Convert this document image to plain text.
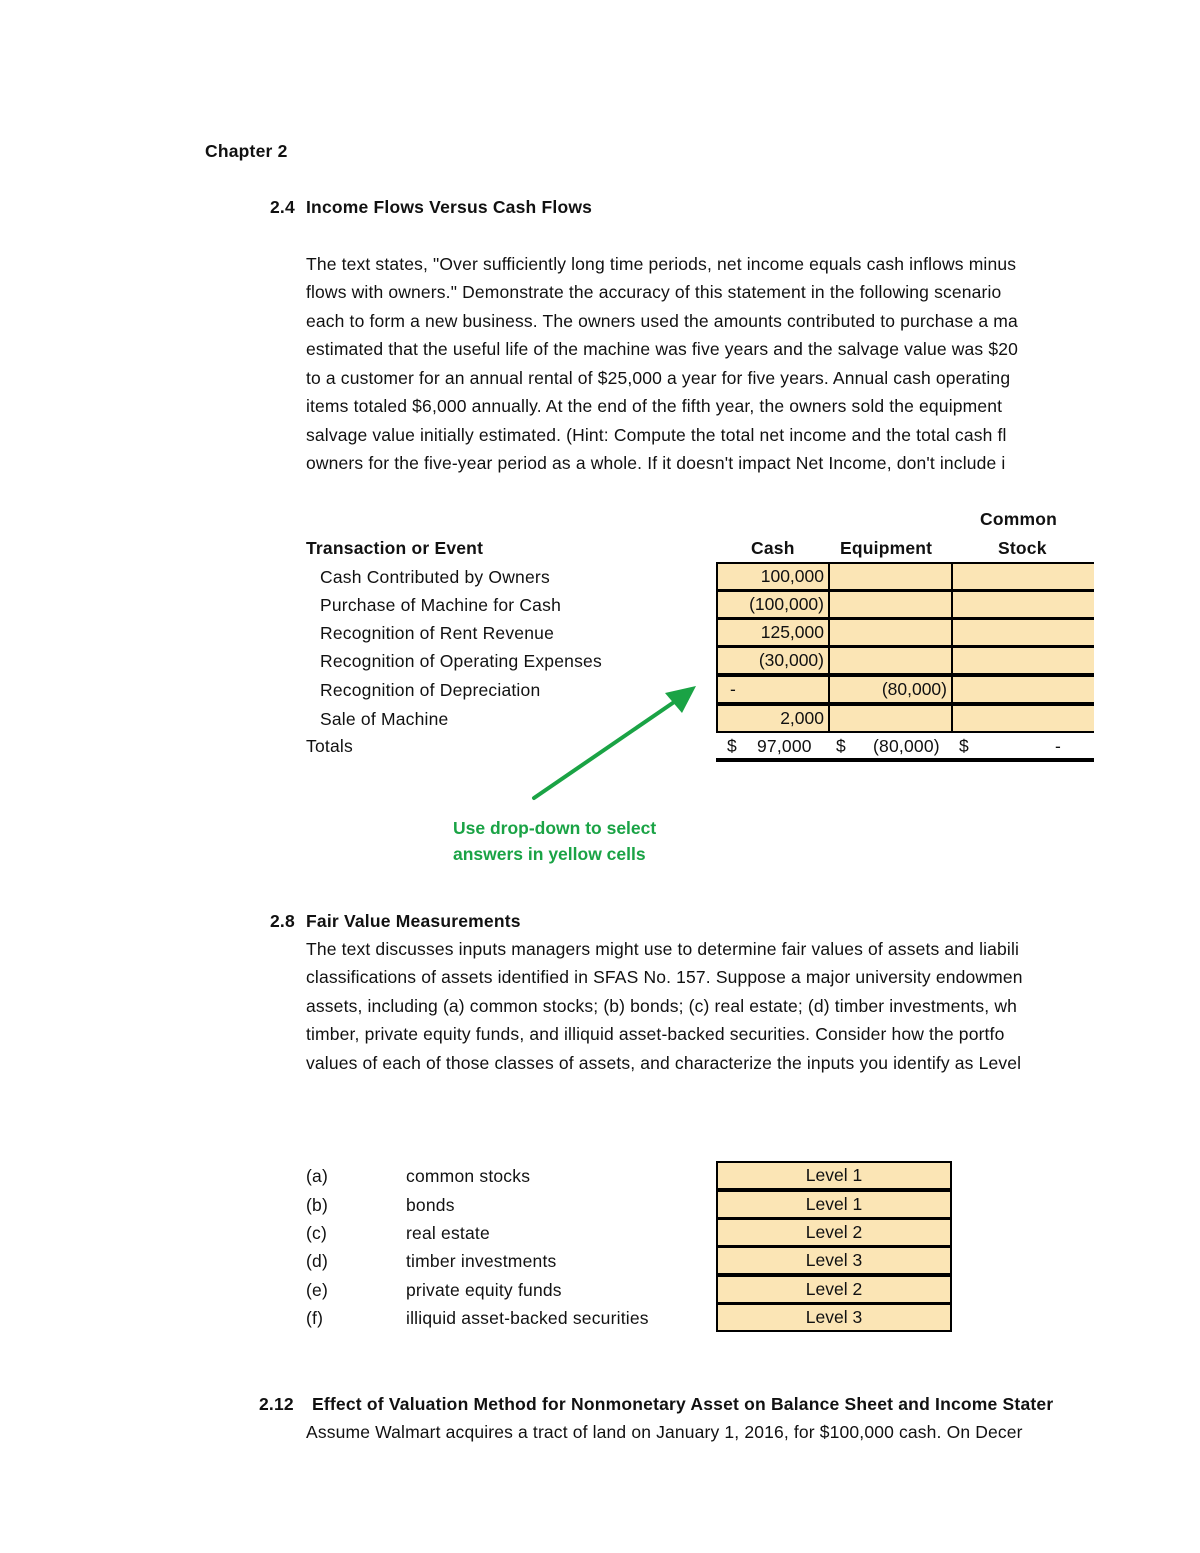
Chapter 2
2.4 Income Flows Versus Cash Flows
The text states, "Over sufficiently long time periods, net income equals cash inflows minus
flows with owners." Demonstrate the accuracy of this statement in the following scenario
each to form a new business. The owners used the amounts contributed to purchase a ma
estimated that the useful life of the machine was five years and the salvage value was $20
to a customer for an annual rental of $25,000 a year for five years. Annual cash operating
items totaled $6,000 annually. At the end of the fifth year, the owners sold the equipment
salvage value initially estimated. (Hint: Compute the total net income and the total cash fl
owners for the five-year period as a whole. If it doesn't impact Net Income, don't include i
Common
Transaction or Event	Cash	Equipment	Stock
Cash Contributed by Owners	100,000
Purchase of Machine for Cash	(100,000)
Recognition of Rent Revenue	125,000
Recognition of Operating Expenses	(30,000)
Recognition of Depreciation	-	(80,000)
Sale of Machine	2,000
Totals	$ 97,000 $ (80,000) $	-
Use drop-down to select
answers in yellow cells
2.8 Fair Value Measurements
The text discusses inputs managers might use to determine fair values of assets and liabili
classifications of assets identified in SFAS No. 157. Suppose a major university endowmen
assets, including (a) common stocks; (b) bonds; (c) real estate; (d) timber investments, wh
timber, private equity funds, and illiquid asset-backed securities. Consider how the portfo
values of each of those classes of assets, and characterize the inputs you identify as Level
(a)	common stocks	Level 1
(b)	bonds	Level 1
(c)	real estate	Level 2
(d)	timber investments	Level 3
(e)	private equity funds	Level 2
(f)	illiquid asset-backed securities	Level 3
2.12 Effect of Valuation Method for Nonmonetary Asset on Balance Sheet and Income Stater
Assume Walmart acquires a tract of land on January 1, 2016, for $100,000 cash. On Decer
